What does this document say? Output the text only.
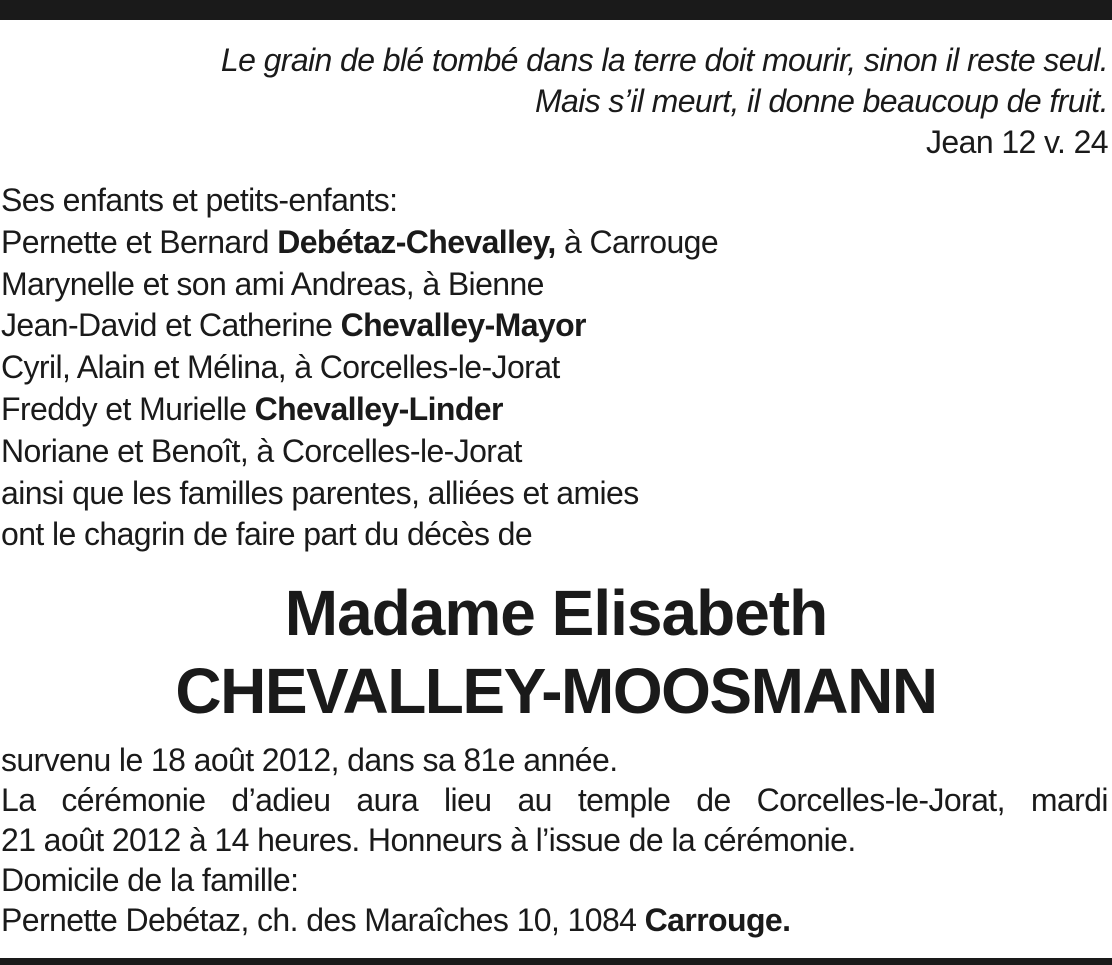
Le grain de blé tombé dans la terre doit mourir, sinon il reste seul.
Mais s’il meurt, il donne beaucoup de fruit.
Jean 12 v. 24
Ses enfants et petits-enfants:
Pernette et Bernard Debétaz-Chevalley, à Carrouge
Marynelle et son ami Andreas, à Bienne
Jean-David et Catherine Chevalley-Mayor
Cyril, Alain et Mélina, à Corcelles-le-Jorat
Freddy et Murielle Chevalley-Linder
Noriane et Benoît, à Corcelles-le-Jorat
ainsi que les familles parentes, alliées et amies
ont le chagrin de faire part du décès de
Madame Elisabeth
CHEVALLEY-MOOSMANN
survenu le 18 août 2012, dans sa 81e année.
La cérémonie d’adieu aura lieu au temple de Corcelles-le-Jorat, mardi
21 août 2012 à 14 heures. Honneurs à l’issue de la cérémonie.
Domicile de la famille:
Pernette Debétaz, ch. des Maraîches 10, 1084 Carrouge.
